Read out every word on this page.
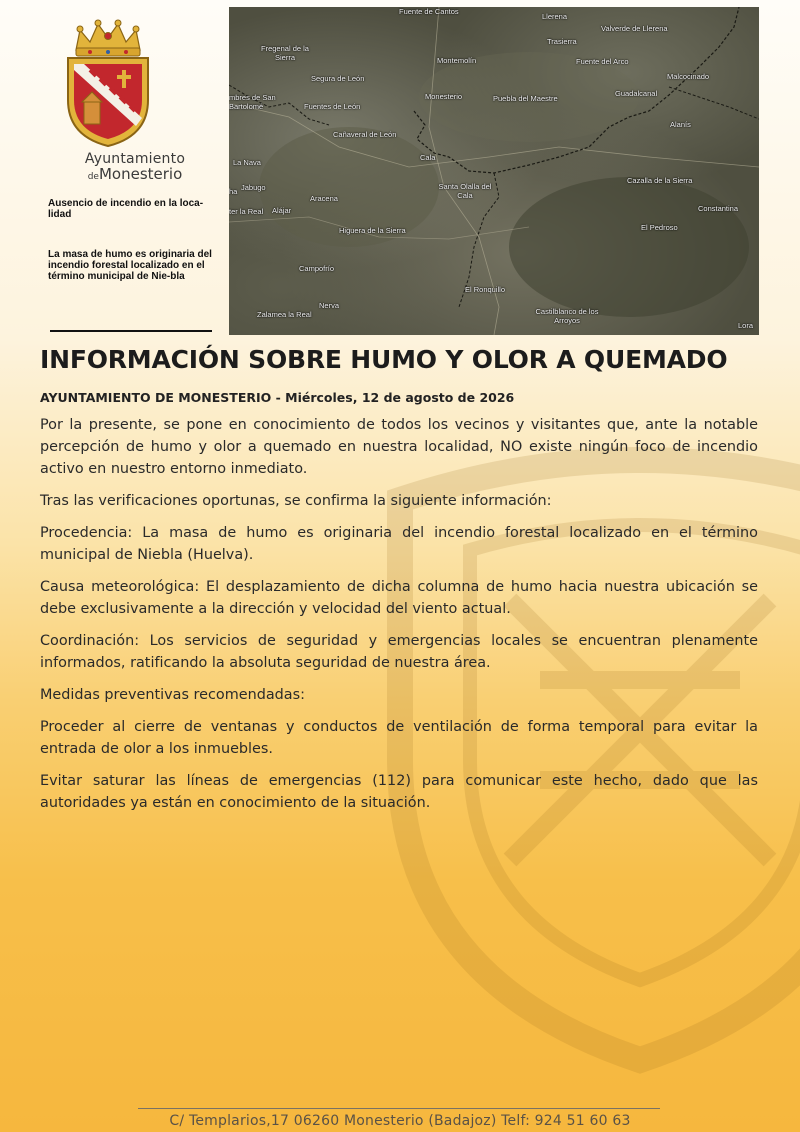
Ayuntamiento
deMonesterio
Ausencio de incendio en la loca-lidad
La masa de humo es originaria del incendio forestal localizado en el término municipal de Nie-bla
Fuente de Cantos
Llerena
Valverde de Llerena
Trasierra
Fregenal de la Sierra	Montemolín	Fuente del Arco
Malcocinado
Segura de León
Guadalcanal
mbres de San Bartolomé
Monesterio	Puebla del Maestre
Fuentes de León
Alanís
Cañaveral de León
Cala
La Nava
Cazalla de la Sierra
Jabugo
ha
Santa Olalla del Cala
Aracena
ter la Real Alájar	Constantina
El Pedroso
Higuera de la Sierra
Campofrío
El Ronquillo
Nerva
Castilblanco de los Arroyos
Zalamea la Real
Lora
INFORMACIÓN SOBRE HUMO Y OLOR A QUEMADO
AYUNTAMIENTO DE MONESTERIO - Miércoles, 12 de agosto de 2026

Por la presente, se pone en conocimiento de todos los vecinos y visitantes que, ante la notable percepción de humo y olor a quemado en nuestra localidad, NO existe ningún foco de incendio activo en nuestro entorno inmediato.

Tras las verificaciones oportunas, se confirma la siguiente información:

Procedencia: La masa de humo es originaria del incendio forestal localizado en el término municipal de Niebla (Huelva).

Causa meteorológica: El desplazamiento de dicha columna de humo hacia nuestra ubicación se debe exclusivamente a la dirección y velocidad del viento actual.

Coordinación: Los servicios de seguridad y emergencias locales se encuentran plenamente informados, ratificando la absoluta seguridad de nuestra área.

Medidas preventivas recomendadas:

Proceder al cierre de ventanas y conductos de ventilación de forma temporal para evitar la entrada de olor a los inmuebles.

Evitar saturar las líneas de emergencias (112) para comunicar este hecho, dado que las autoridades ya están en conocimiento de la situación.

C/ Templarios,17 06260 Monesterio (Badajoz) Telf: 924 51 60 63
